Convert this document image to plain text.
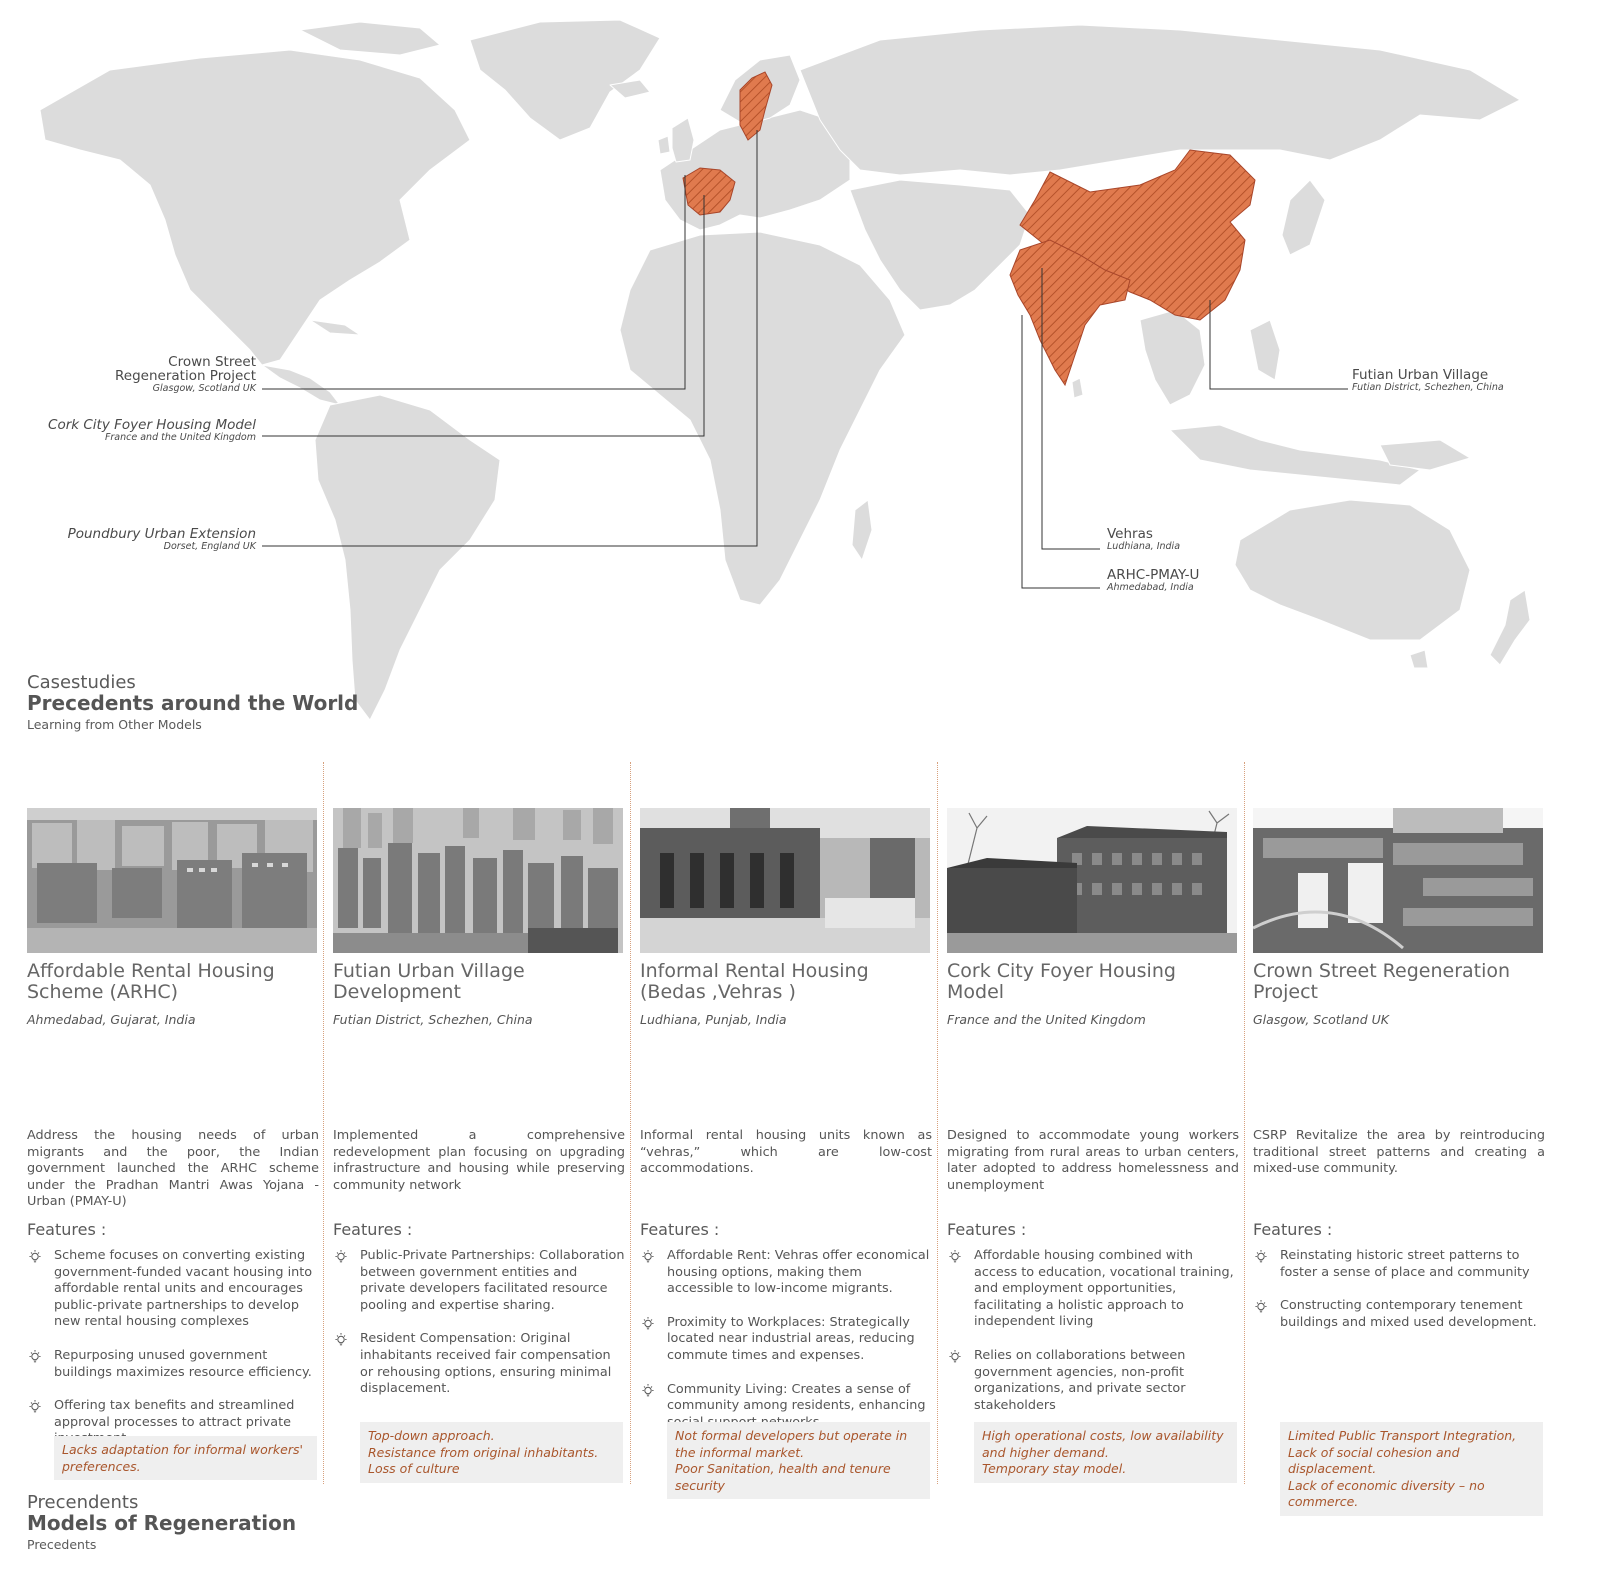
Crown Street
Regeneration Project
Glasgow, Scotland UK
Cork City Foyer Housing Model
France and the United Kingdom
Poundbury Urban Extension
Dorset, England UK
Futian Urban Village
Futian District, Schezhen, China
Vehras
Ludhiana, India
ARHC-PMAY-U
Ahmedabad, India
Casestudies
Precedents around the World
Learning from Other Models
Affordable Rental Housing Scheme (ARHC)
Ahmedabad, Gujarat, India
Address the housing needs of urban migrants and the poor, the Indian government launched the ARHC scheme under the Pradhan Mantri Awas Yojana - Urban (PMAY-U)
Features :
Scheme focuses on converting existing government-funded vacant housing into affordable rental units and encourages public-private partnerships to develop new rental housing complexes
Repurposing unused government buildings maximizes resource efficiency.
Offering tax benefits and streamlined approval processes to attract private
Lacks adaptation for informal workers' preferences.
Futian Urban Village Development
Futian District, Schezhen, China
Implemented a comprehensive redevelopment plan focusing on upgrading infrastructure and housing while preserving community network
Features :
Public-Private Partnerships: Collaboration between government entities and private developers facilitated resource pooling and expertise sharing.
Resident Compensation: Original inhabitants received fair compensation or rehousing options, ensuring minimal displacement.
Top-down approach.
Resistance from original inhabitants. Loss of culture
Informal Rental Housing (Bedas ,Vehras )
Ludhiana, Punjab, India
Informal rental housing units known as “vehras,” which are low-cost accommodations.
Features :
Affordable Rent: Vehras offer economical housing options, making them accessible to low-income migrants.
Proximity to Workplaces: Strategically located near industrial areas, reducing commute times and expenses.
Community Living: Creates a sense of community among residents, enhancing
Not formal developers but operate in the informal market.
Poor Sanitation, health and tenure security
Cork City Foyer Housing Model
France and the United Kingdom
Designed to accommodate young workers migrating from rural areas to urban centers, later adopted to address homelessness and unemployment
Features :
Affordable housing combined with access to education, vocational training, and employment opportunities, facilitating a holistic approach to independent living
Relies on collaborations between government agencies, non-profit organizations, and private sector stakeholders
High operational costs, low availability and higher demand.
Temporary stay model.
Crown Street Regeneration Project
Glasgow, Scotland UK
CSRP Revitalize the area by reintroducing traditional street patterns and creating a mixed-use community.
Features :
Reinstating historic street patterns to foster a sense of place and community
Constructing contemporary tenement buildings and mixed used development.
Limited Public Transport Integration, Lack of social cohesion and displacement.
Lack of economic diversity – no commerce.
Precendents
Models of Regeneration
Precedents
